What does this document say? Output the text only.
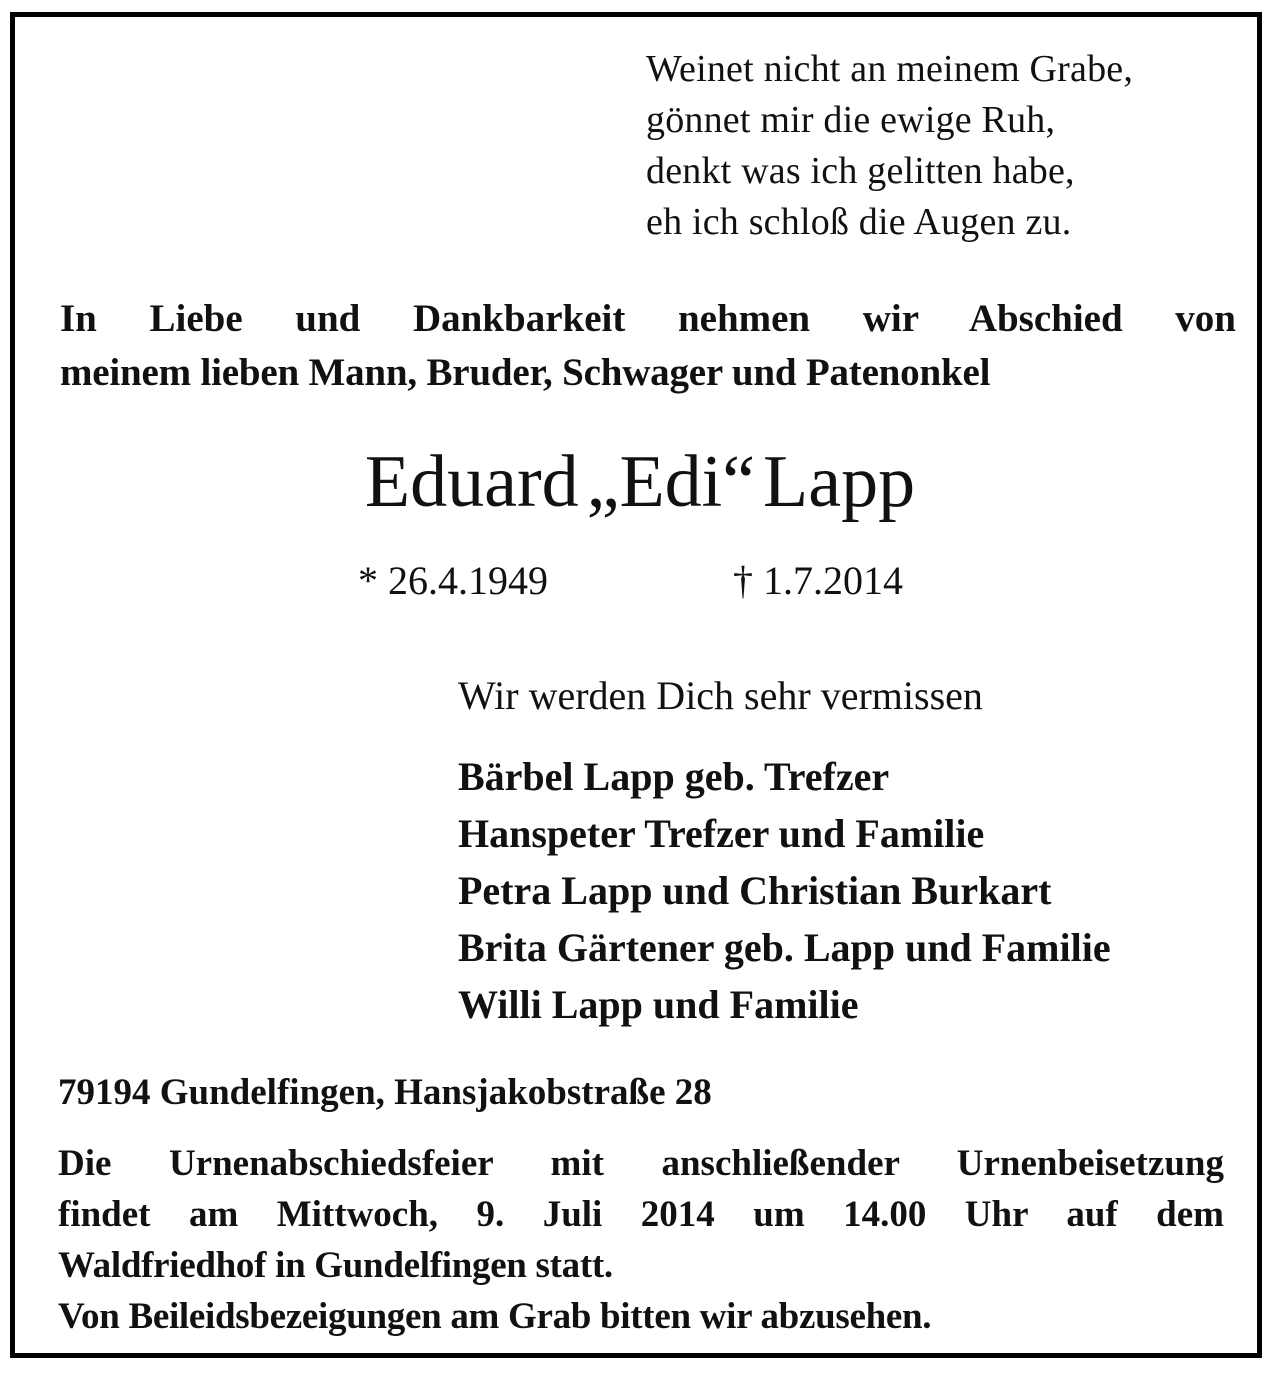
Weinet nicht an meinem Grabe,
gönnet mir die ewige Ruh,
denkt was ich gelitten habe,
eh ich schloß die Augen zu.
In Liebe und Dankbarkeit nehmen wir Abschied von
meinem lieben Mann, Bruder, Schwager und Patenonkel
Eduard „Edi“ Lapp
* 26.4.1949	† 1.7.2014
Wir werden Dich sehr vermissen
Bärbel Lapp geb. Trefzer
Hanspeter Trefzer und Familie
Petra Lapp und Christian Burkart
Brita Gärtener geb. Lapp und Familie
Willi Lapp und Familie
79194 Gundelfingen, Hansjakobstraße 28
Die Urnenabschiedsfeier mit anschließender Urnenbeisetzung
findet am Mittwoch, 9. Juli 2014 um 14.00 Uhr auf dem
Waldfriedhof in Gundelfingen statt.
Von Beileidsbezeigungen am Grab bitten wir abzusehen.
